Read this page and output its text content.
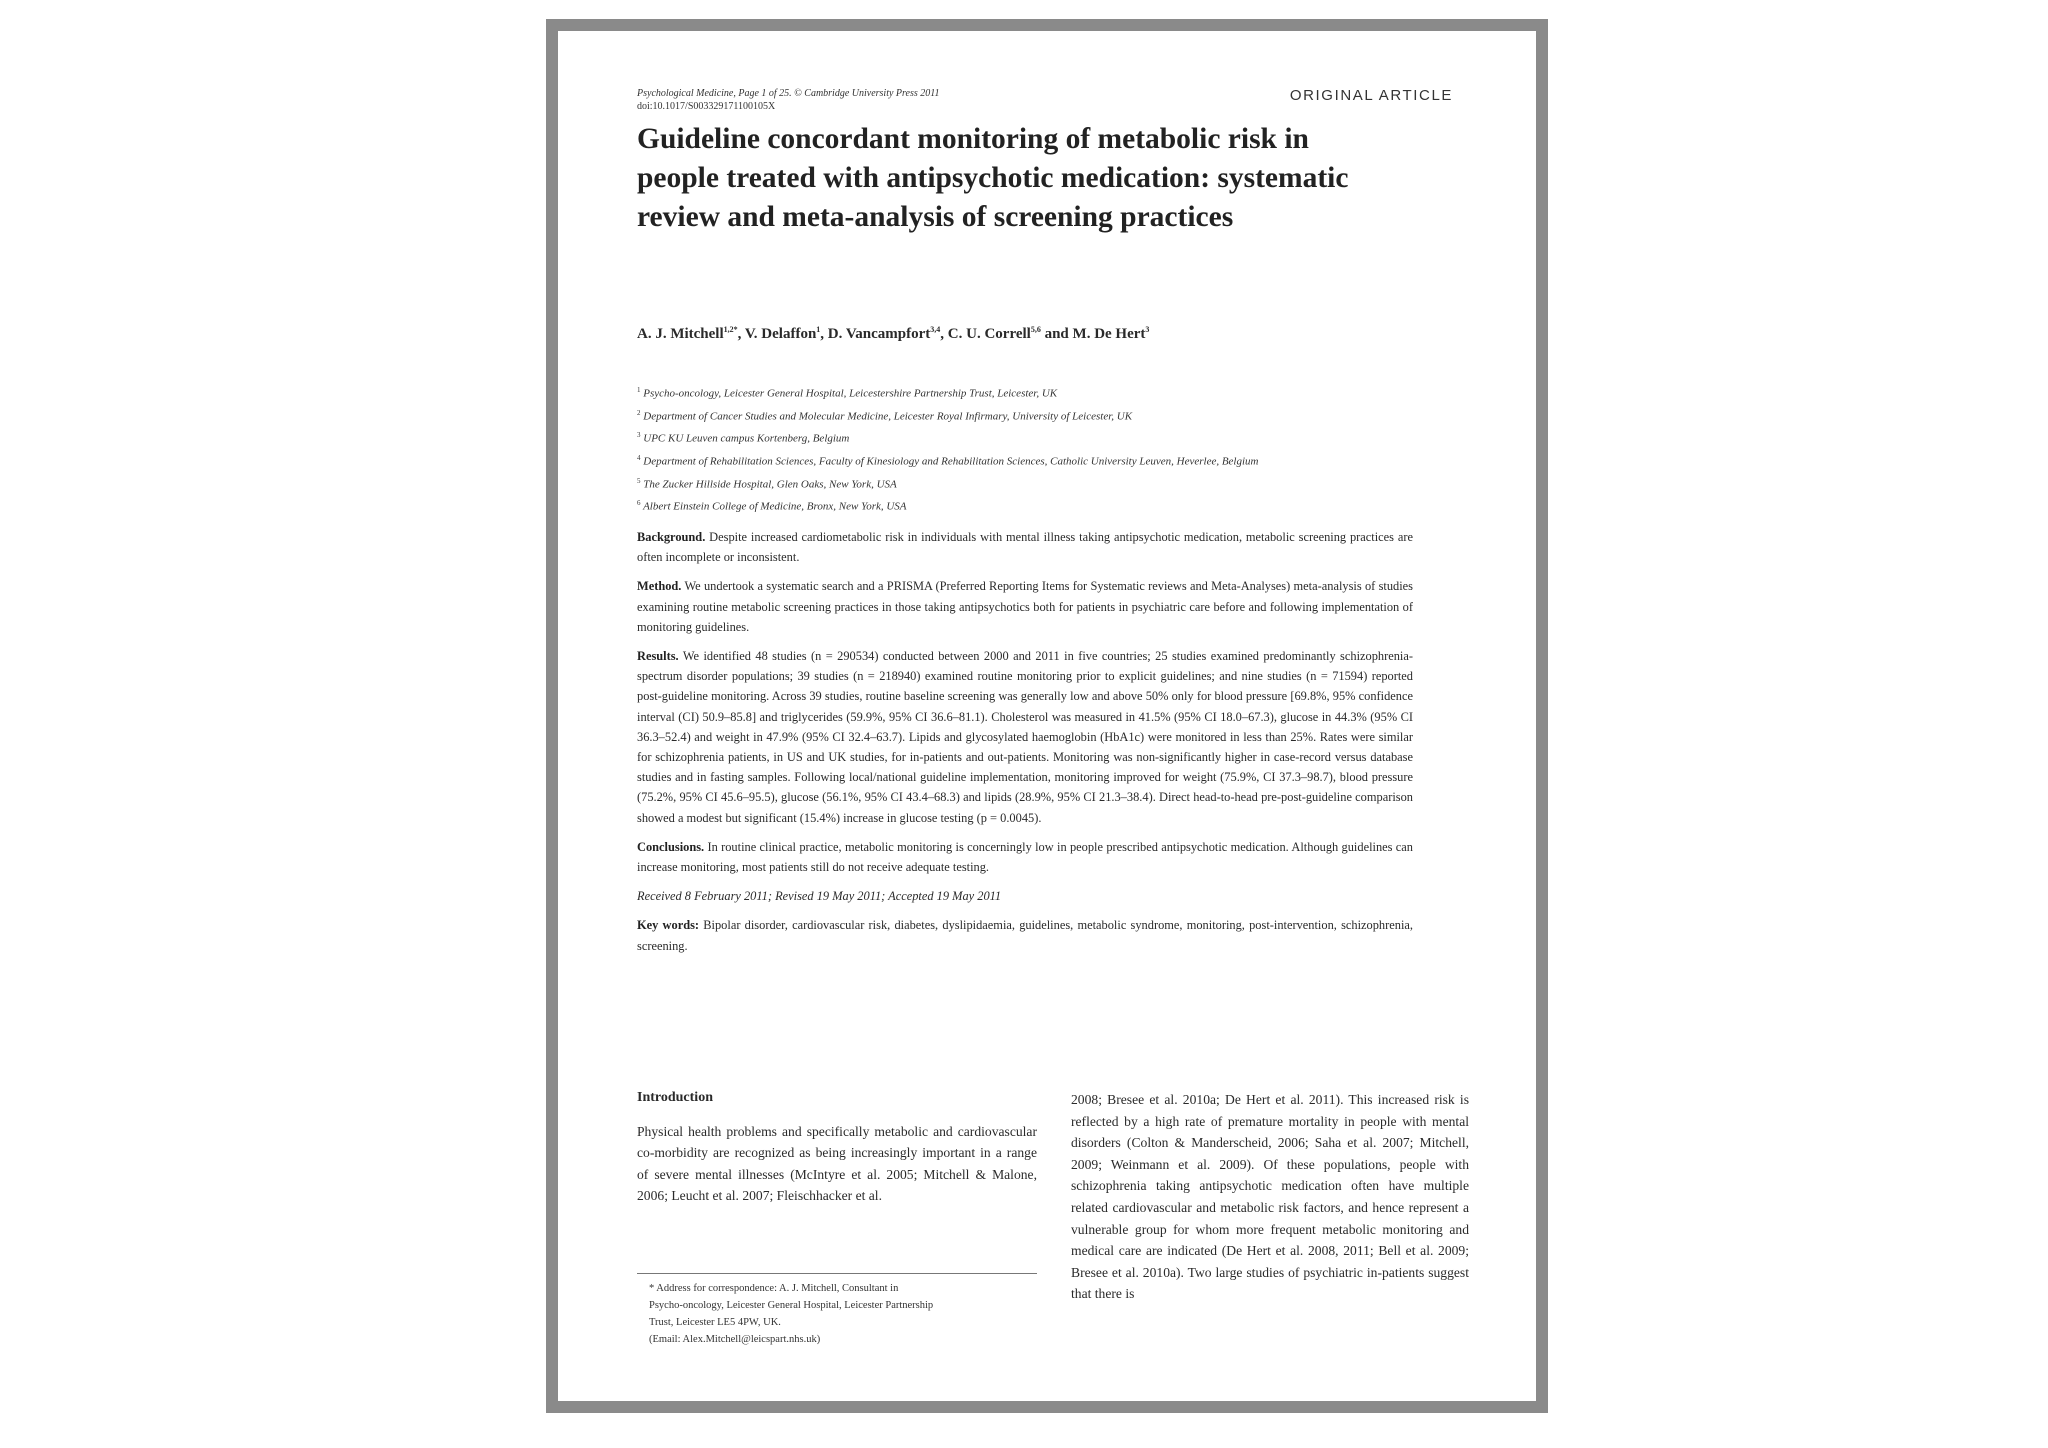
Psychological Medicine, Page 1 of 25. © Cambridge University Press 2011
doi:10.1017/S003329171100105X
ORIGINAL ARTICLE
Guideline concordant monitoring of metabolic risk in people treated with antipsychotic medication: systematic review and meta-analysis of screening practices
A. J. Mitchell$^{1,2*}$, V. Delaffon$^1$, D. Vancampfort$^{3,4}$, C. U. Correll$^{5,6}$ and M. De Hert$^3$
$^1$ Psycho-oncology, Leicester General Hospital, Leicestershire Partnership Trust, Leicester, UK
$^2$ Department of Cancer Studies and Molecular Medicine, Leicester Royal Infirmary, University of Leicester, UK
$^3$ UPC KU Leuven campus Kortenberg, Belgium
$^4$ Department of Rehabilitation Sciences, Faculty of Kinesiology and Rehabilitation Sciences, Catholic University Leuven, Heverlee, Belgium
$^5$ The Zucker Hillside Hospital, Glen Oaks, New York, USA
$^6$ Albert Einstein College of Medicine, Bronx, New York, USA

Background. Despite increased cardiometabolic risk in individuals with mental illness taking antipsychotic medication, metabolic screening practices are often incomplete or inconsistent.

Method. We undertook a systematic search and a PRISMA (Preferred Reporting Items for Systematic reviews and Meta-Analyses) meta-analysis of studies examining routine metabolic screening practices in those taking antipsychotics both for patients in psychiatric care before and following implementation of monitoring guidelines.

Results. We identified 48 studies (n = 290534) conducted between 2000 and 2011 in five countries; 25 studies examined predominantly schizophrenia-spectrum disorder populations; 39 studies (n = 218940) examined routine monitoring prior to explicit guidelines; and nine studies (n = 71594) reported post-guideline monitoring. Across 39 studies, routine baseline screening was generally low and above 50% only for blood pressure [69.8%, 95% confidence interval (CI) 50.9–85.8] and triglycerides (59.9%, 95% CI 36.6–81.1). Cholesterol was measured in 41.5% (95% CI 18.0–67.3), glucose in 44.3% (95% CI 36.3–52.4) and weight in 47.9% (95% CI 32.4–63.7). Lipids and glycosylated haemoglobin (HbA1c) were monitored in less than 25%. Rates were similar for schizophrenia patients, in US and UK studies, for in-patients and out-patients. Monitoring was non-significantly higher in case-record versus database studies and in fasting samples. Following local/national guideline implementation, monitoring improved for weight (75.9%, CI 37.3–98.7), blood pressure (75.2%, 95% CI 45.6–95.5), glucose (56.1%, 95% CI 43.4–68.3) and lipids (28.9%, 95% CI 21.3–38.4). Direct head-to-head pre-post-guideline comparison showed a modest but significant (15.4%) increase in glucose testing (p = 0.0045).

Conclusions. In routine clinical practice, metabolic monitoring is concerningly low in people prescribed antipsychotic medication. Although guidelines can increase monitoring, most patients still do not receive adequate testing.

Received 8 February 2011; Revised 19 May 2011; Accepted 19 May 2011

Key words: Bipolar disorder, cardiovascular risk, diabetes, dyslipidaemia, guidelines, metabolic syndrome, monitoring, post-intervention, schizophrenia, screening.

Introduction

Physical health problems and specifically metabolic and cardiovascular co-morbidity are recognized as being increasingly important in a range of severe mental illnesses (McIntyre et al. 2005; Mitchell & Malone, 2006; Leucht et al. 2007; Fleischhacker et al.

* Address for correspondence: A. J. Mitchell, Consultant in
Psycho-oncology, Leicester General Hospital, Leicester Partnership
Trust, Leicester LE5 4PW, UK.
(Email: Alex.Mitchell@leicspart.nhs.uk)

2008; Bresee et al. 2010a; De Hert et al. 2011). This increased risk is reflected by a high rate of premature mortality in people with mental disorders (Colton & Manderscheid, 2006; Saha et al. 2007; Mitchell, 2009; Weinmann et al. 2009). Of these populations, people with schizophrenia taking antipsychotic medication often have multiple related cardiovascular and metabolic risk factors, and hence represent a vulnerable group for whom more frequent metabolic monitoring and medical care are indicated (De Hert et al. 2008, 2011; Bell et al. 2009; Bresee et al. 2010a). Two large studies of psychiatric in-patients suggest that there is
